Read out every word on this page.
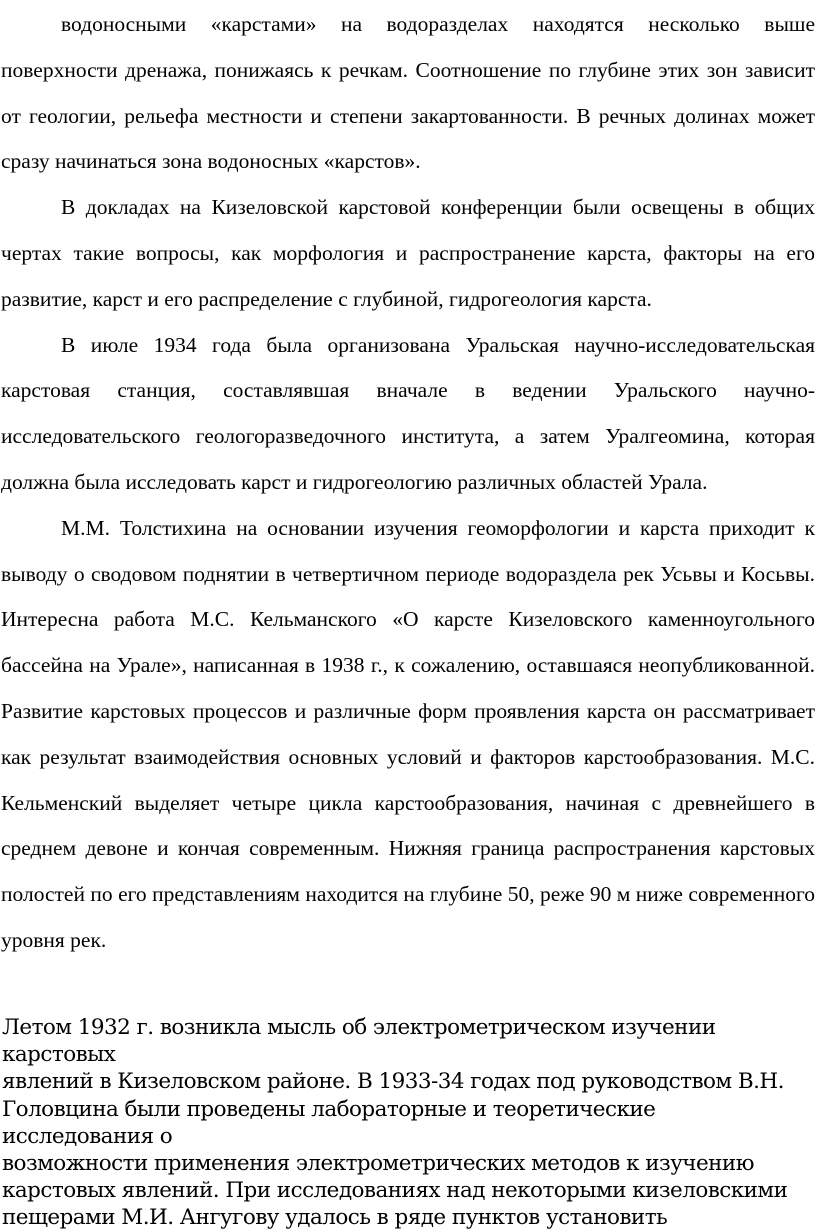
водоносными «карстами» на водоразделах находятся несколько выше поверхности дренажа, понижаясь к речкам. Соотношение по глубине этих зон зависит от геологии, рельефа местности и степени закартованности. В речных долинах может сразу начинаться зона водоносных «карстов».

В докладах на Кизеловской карстовой конференции были освещены в общих чертах такие вопросы, как морфология и распространение карста, факторы на его развитие, карст и его распределение с глубиной, гидрогеология карста.

В июле 1934 года была организована Уральская научно-исследовательская карстовая станция, составлявшая вначале в ведении Уральского научно-исследовательского геологоразведочного института, а затем Уралгеомина, которая должна была исследовать карст и гидрогеологию различных областей Урала.

М.М. Толстихина на основании изучения геоморфологии и карста приходит к выводу о сводовом поднятии в четвертичном периоде водораздела рек Усьвы и Косьвы. Интересна работа М.С. Кельманского «О карсте Кизеловского каменноугольного бассейна на Урале», написанная в 1938 г., к сожалению, оставшаяся неопубликованной. Развитие карстовых процессов и различные форм проявления карста он рассматривает как результат взаимодействия основных условий и факторов карстообразования. М.С. Кельменский выделяет четыре цикла карстообразования, начиная с древнейшего в среднем девоне и кончая современным. Нижняя граница распространения карстовых полостей по его представлениям находится на глубине 50, реже 90 м ниже современного уровня рек.

Летом 1932 г. возникла мысль об электрометрическом изучении карстовых

явлений в Кизеловском районе. В 1933-34 годах под руководством В.Н.

Головцина были проведены лабораторные и теоретические исследования о

возможности применения электрометрических методов к изучению

карстовых явлений. При исследованиях над некоторыми кизеловскими

пещерами М.И. Ангугову удалось в ряде пунктов установить
